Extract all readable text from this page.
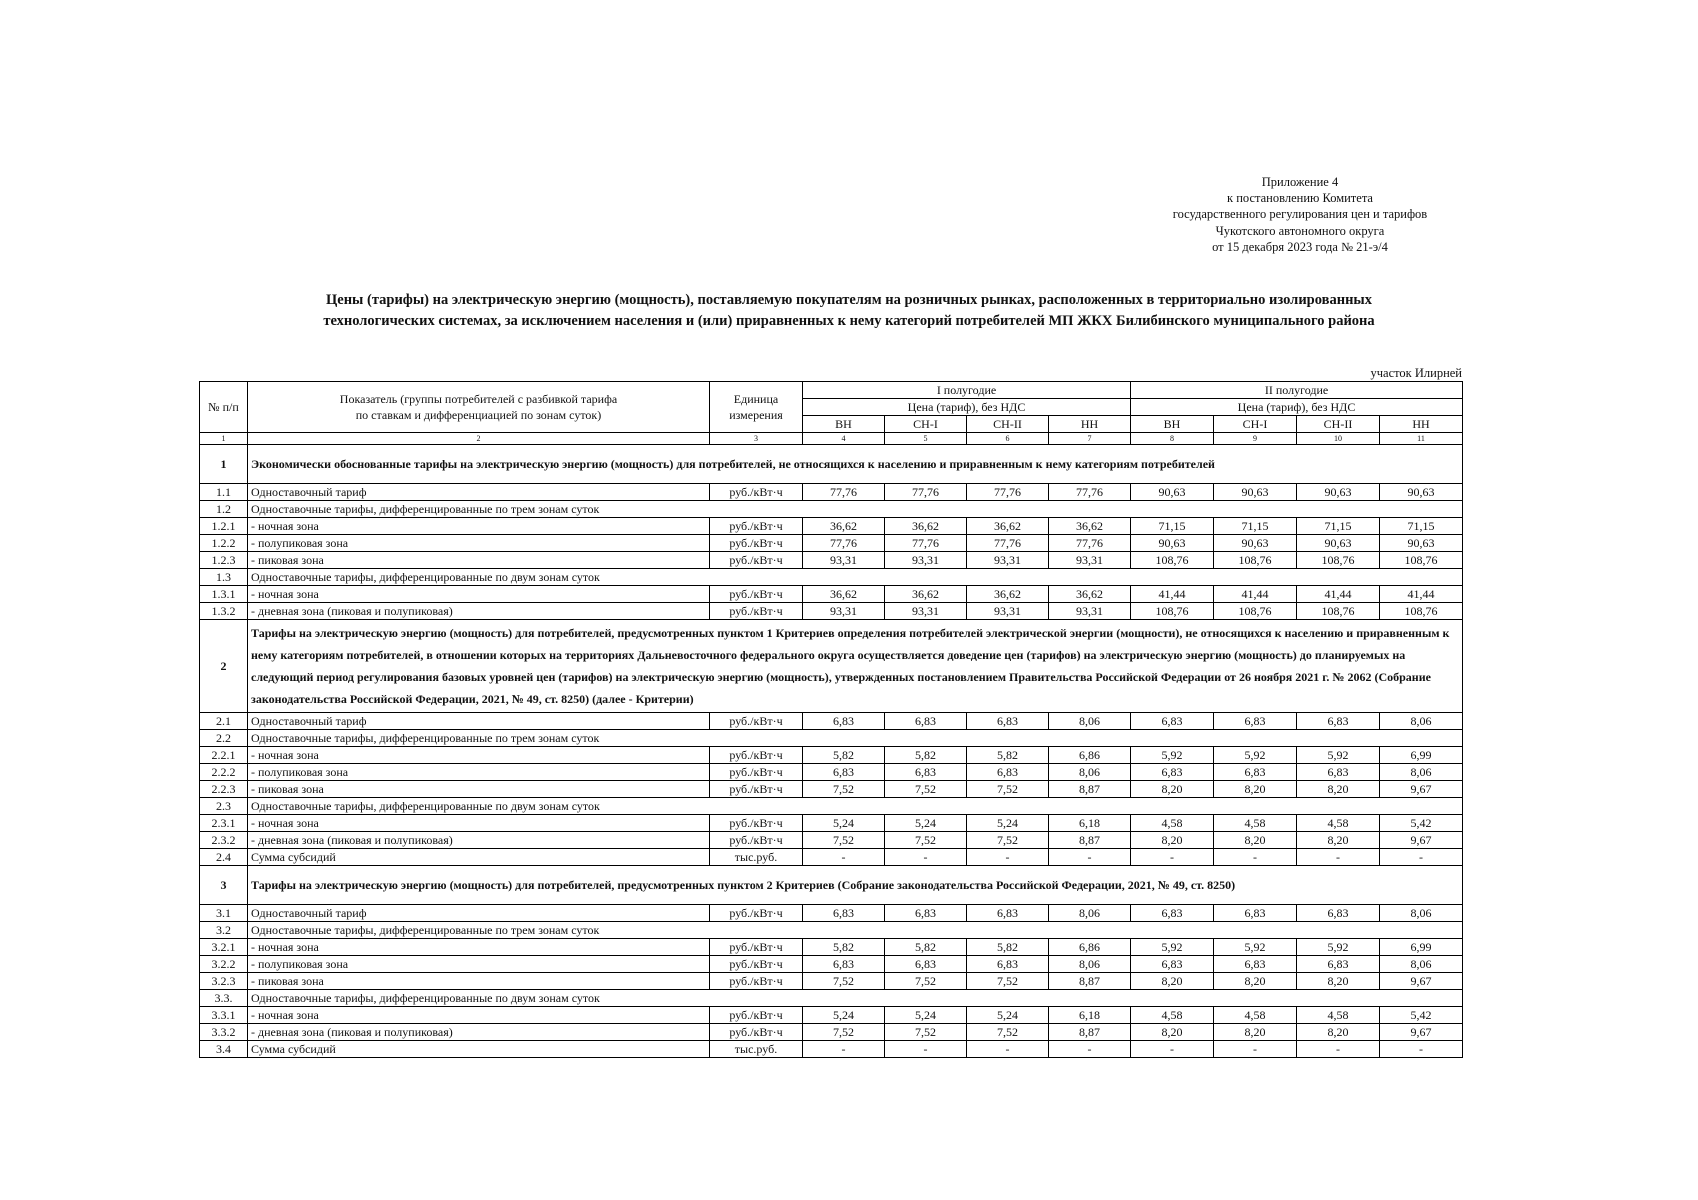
Приложение 4
к постановлению Комитета
государственного регулирования цен и тарифов
Чукотского автономного округа
от 15 декабря 2023 года № 21-э/4
Цены (тарифы) на электрическую энергию (мощность), поставляемую покупателям на розничных рынках, расположенных в территориально изолированных
технологических системах, за исключением населения и (или) приравненных к нему категорий потребителей МП ЖКХ Билибинского муниципального района
участок Илирней
№ п/п	Показатель (группы потребителей с разбивкой тарифа по ставкам и дифференциацией по зонам суток)	Единица измерения	I полугодие				II полугодие			
			Цена (тариф), без НДС				Цена (тариф), без НДС			
			ВН	СН-I	СН-II	НН	ВН	СН-I	СН-II	НН
1	2	3	4	5	6	7	8	9	10	11
1	Экономически обоснованные тарифы на электрическую энергию (мощность) для потребителей, не относящихся к населению и приравненным к нему категориям потребителей									
1.1	Одноставочный тариф	руб./кВт·ч	77,76	77,76	77,76	77,76	90,63	90,63	90,63	90,63
1.2	Одноставочные тарифы, дифференцированные по трем зонам суток									
1.2.1	- ночная зона	руб./кВт·ч	36,62	36,62	36,62	36,62	71,15	71,15	71,15	71,15
1.2.2	- полупиковая зона	руб./кВт·ч	77,76	77,76	77,76	77,76	90,63	90,63	90,63	90,63
1.2.3	- пиковая зона	руб./кВт·ч	93,31	93,31	93,31	93,31	108,76	108,76	108,76	108,76
1.3	Одноставочные тарифы, дифференцированные по двум зонам суток									
1.3.1	- ночная зона	руб./кВт·ч	36,62	36,62	36,62	36,62	41,44	41,44	41,44	41,44
1.3.2	- дневная зона (пиковая и полупиковая)	руб./кВт·ч	93,31	93,31	93,31	93,31	108,76	108,76	108,76	108,76
2	Тарифы на электрическую энергию (мощность) для потребителей, предусмотренных пунктом 1 Критериев определения потребителей электрической энергии (мощности), не относящихся к населению и приравненным к нему категориям потребителей, в отношении которых на территориях Дальневосточного федерального округа осуществляется доведение цен (тарифов) на электрическую энергию (мощность) до планируемых на следующий период регулирования базовых уровней цен (тарифов) на электрическую энергию (мощность), утвержденных постановлением Правительства Российской Федерации от 26 ноября 2021 г. № 2062 (Собрание законодательства Российской Федерации, 2021, № 49, ст. 8250) (далее - Критерии)									
2.1	Одноставочный тариф	руб./кВт·ч	6,83	6,83	6,83	8,06	6,83	6,83	6,83	8,06
2.2	Одноставочные тарифы, дифференцированные по трем зонам суток									
2.2.1	- ночная зона	руб./кВт·ч	5,82	5,82	5,82	6,86	5,92	5,92	5,92	6,99
2.2.2	- полупиковая зона	руб./кВт·ч	6,83	6,83	6,83	8,06	6,83	6,83	6,83	8,06
2.2.3	- пиковая зона	руб./кВт·ч	7,52	7,52	7,52	8,87	8,20	8,20	8,20	9,67
2.3	Одноставочные тарифы, дифференцированные по двум зонам суток									
2.3.1	- ночная зона	руб./кВт·ч	5,24	5,24	5,24	6,18	4,58	4,58	4,58	5,42
2.3.2	- дневная зона (пиковая и полупиковая)	руб./кВт·ч	7,52	7,52	7,52	8,87	8,20	8,20	8,20	9,67
2.4	Сумма субсидий	тыс.руб.	-	-	-	-	-	-	-	-
3	Тарифы на электрическую энергию (мощность) для потребителей, предусмотренных пунктом 2 Критериев (Собрание законодательства Российской Федерации, 2021, № 49, ст. 8250)									
3.1	Одноставочный тариф	руб./кВт·ч	6,83	6,83	6,83	8,06	6,83	6,83	6,83	8,06
3.2	Одноставочные тарифы, дифференцированные по трем зонам суток									
3.2.1	- ночная зона	руб./кВт·ч	5,82	5,82	5,82	6,86	5,92	5,92	5,92	6,99
3.2.2	- полупиковая зона	руб./кВт·ч	6,83	6,83	6,83	8,06	6,83	6,83	6,83	8,06
3.2.3	- пиковая зона	руб./кВт·ч	7,52	7,52	7,52	8,87	8,20	8,20	8,20	9,67
3.3.	Одноставочные тарифы, дифференцированные по двум зонам суток									
3.3.1	- ночная зона	руб./кВт·ч	5,24	5,24	5,24	6,18	4,58	4,58	4,58	5,42
3.3.2	- дневная зона (пиковая и полупиковая)	руб./кВт·ч	7,52	7,52	7,52	8,87	8,20	8,20	8,20	9,67
3.4	Сумма субсидий	тыс.руб.	-	-	-	-	-	-	-	-
